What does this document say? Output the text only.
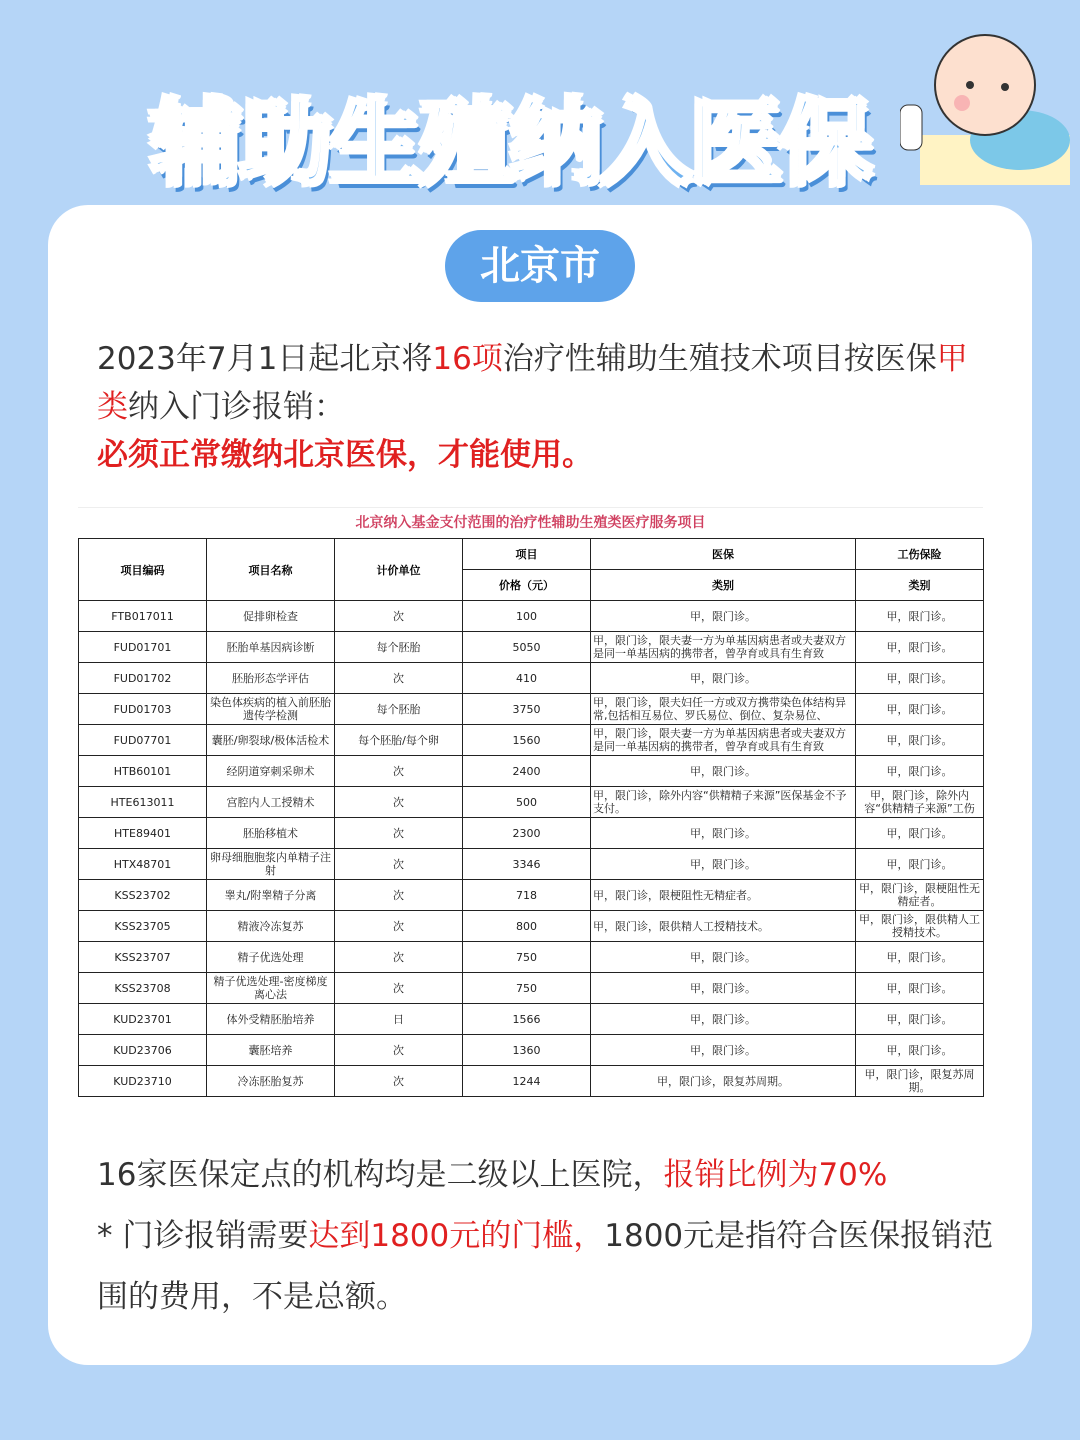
辅助生殖纳入医保
北京市
2023年7月1日起北京将16项治疗性辅助生殖技术项目按医保甲类纳入门诊报销：
必须正常缴纳北京医保，才能使用。
北京纳入基金支付范围的治疗性辅助生殖类医疗服务项目
项目编码	项目名称	计价单位	项目	医保	工伤保险
			价格（元）	类别	类别

FTB017011	促排卵检查	次	100	甲，限门诊。	甲，限门诊。

FUD01701	胚胎单基因病诊断	每个胚胎	5050	甲，限门诊，限夫妻一方为单基因病患者或夫妻双方是同一单基因病的携带者，曾孕育或具有生育致	甲，限门诊。

FUD01702	胚胎形态学评估	次	410	甲，限门诊。	甲，限门诊。

FUD01703	染色体疾病的植入前胚胎遗传学检测	每个胚胎	3750	甲，限门诊，限夫妇任一方或双方携带染色体结构异常,包括相互易位、罗氏易位、倒位、复杂易位、	甲，限门诊。

FUD07701	囊胚/卵裂球/极体活检术	每个胚胎/每个卵	1560	甲，限门诊，限夫妻一方为单基因病患者或夫妻双方是同一单基因病的携带者，曾孕育或具有生育致	甲，限门诊。

HTB60101	经阴道穿刺采卵术	次	2400	甲，限门诊。	甲，限门诊。

HTE613011	宫腔内人工授精术	次	500	甲，限门诊，除外内容“供精精子来源”医保基金不予支付。	甲，限门诊，除外内容“供精精子来源”工伤

HTE89401	胚胎移植术	次	2300	甲，限门诊。	甲，限门诊。

HTX48701	卵母细胞胞浆内单精子注射	次	3346	甲，限门诊。	甲，限门诊。

KSS23702	睾丸/附睾精子分离	次	718	甲，限门诊，限梗阻性无精症者。	甲，限门诊，限梗阻性无精症者。

KSS23705	精液冷冻复苏	次	800	甲，限门诊，限供精人工授精技术。	甲，限门诊，限供精人工授精技术。

KSS23707	精子优选处理	次	750	甲，限门诊。	甲，限门诊。

KSS23708	精子优选处理-密度梯度离心法	次	750	甲，限门诊。	甲，限门诊。

KUD23701	体外受精胚胎培养	日	1566	甲，限门诊。	甲，限门诊。

KUD23706	囊胚培养	次	1360	甲，限门诊。	甲，限门诊。

KUD23710	冷冻胚胎复苏	次	1244	甲，限门诊，限复苏周期。	甲，限门诊，限复苏周期。
16家医保定点的机构均是二级以上医院，报销比例为70%
* 门诊报销需要达到1800元的门槛，1800元是指符合医保报销范围的费用，不是总额。
